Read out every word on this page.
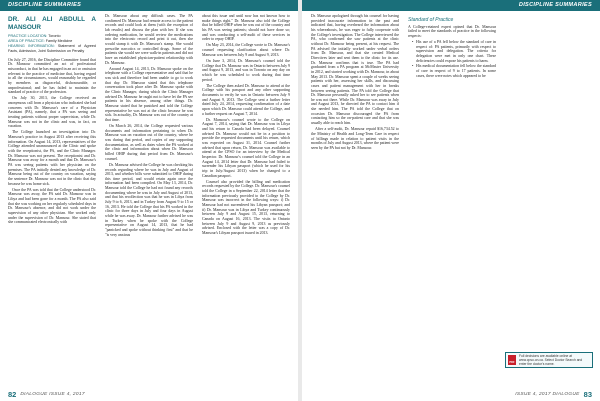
DISCIPLINE SUMMARIES	DISCIPLINE SUMMARIES
DR. ALI ALI ABDULL A MANSOUR
PRACTICE LOCATION: Toronto
AREA OF PRACTICE: Family Medicine
HEARING INFORMATION: Statement of Agreed Facts, Admission, Joint Submission on Penalty

On July 27, 2016, the Discipline Committee found that Dr. Mansour committed an act of professional misconduct, in that he has engaged in an act or omission relevant to the practice of medicine that, having regard to all the circumstances, would reasonably be regarded by members as disgraceful, dishonourable, or unprofessional; and he has failed to maintain the standard of practice of the profession.

On July 30, 2013, the College received an anonymous call from a physician who indicated she had concerns with Dr. Mansour's care of a Physician Assistant (PA), namely, that a PA was seeing and treating patients without proper supervision, while Dr. Mansour was not in the clinic and was, in fact, on vacation.

The College launched an investigation into Dr. Mansour's practice in August 2013 after receiving this information. On August 14, 2013, representatives of the College attended unannounced at the Clinic and spoke with the receptionist, the PA, and the Clinic Manager. Dr. Mansour was not present. The receptionist and Dr. Mansour was away for a month and that Dr. Mansour's PA was seeing patients with her physician on the premises. The PA initially denied any knowledge of Dr. Mansour being out of the country on vacation, saying the sentence Dr. Mansour was not in the clinic that day because he was home sick.

Once the PA was told that the College understood Dr. Mansour was away, the PA said Dr. Mansour was in Libya and had been gone for a month. The PA also said that she was working on her regularly scheduled days in Dr. Mansour's absence, and did not work under the supervision of any other physician. She worked only under the supervision of Dr. Mansour. She stated that she communicated electronically with

Dr. Mansour about any difficult cases. The PA confirmed Dr. Mansour had remote access to the patient records and could look at them (with the exception of lab results) and discuss the plan with her. If she was ordering medication, he would review the medications into the electronic record and print it out, then she would stamp it with Dr. Mansour's stamp. She would prescribe narcotics or controlled drugs. Some of the patients she would see were walk-in patients and did not have an established physician-patient relationship with Dr. Mansour.

Around August 14, 2013, Dr. Mansour spoke on the telephone with a College representative and said that he was sick and therefore had been unable to go to work that day. Dr. Mansour stated that this telephone conversation took place after Dr. Mansour spoke with the Clinic Manager, during which the Clinic Manager advised Dr. Mansour he ought not to have let the PA see patients in his absence, among other things. Dr. Mansour stated that he panicked and told the College representative he was not at the clinic because he was sick. In actuality, Dr. Mansour was out of the country at that time.

On March 26, 2014, the College requested various documents and information pertaining to when Dr. Mansour was on vacation out of the country, where he was during that period, and copies of any supporting documentation, as well as dates when the PA worked at the clinic and information about when Dr. Mansour billed OHIP during that period from Dr. Mansour's counsel.

Dr. Mansour advised the College he was checking his records regarding where he was in July and August of 2013, and whether bills were submitted to OHIP during this time period, and would retain again once the information had been compiled. On May 13, 2014, Dr. Mansour told the College he had not found any records documenting where he was in July and August of 2013, and that his recollection was that he was in Libya from July 9 to 6, 2013, and in Turkey from August 9 to 15 or 16, 2013. He told the College that his PA worked in the clinic for three days in July and four days in August while he was away. Dr. Mansour further advised he was in Turkey when he spoke with the College representative on August 14, 2013, that he had "panicked and spoke without thinking first" and that he "is very anxious

about this issue and until now has not known how to make things right." Dr. Mansour also told the College that he billed OHIP when he was out of the country and his PA was seeing patients; should not have done so; and was conducting a self-audit of these services in order to repay OHIP.

On May 23, 2014, the College wrote to Dr. Mansour's counsel requesting clarification about where Dr. Mansour was between July 9 and August 9, 2013.

On June 3, 2014, Dr. Mansour's counsel told the College that Dr. Mansour was in Ontario between July 9 and August 9, 2013, and was in Toronto on any day on which he was scheduled to work during that time period.

The College then asked Dr. Mansour to attend at the College with his passport and any other supporting documents to verify he was in Ontario between July 9 and August 9, 2013. The College sent a further letter dated July 24, 2014, requesting confirmation of a date upon which Dr. Mansour could attend the College, and a further request on August 7, 2014.

Dr. Mansour's counsel wrote to the College on August 7, 2014, saying that Dr. Mansour was in Libya and his return to Canada had been delayed. Counsel advised Dr. Mansour would not be in a position to provide the requested documents until his return, which was expected on August 31, 2014. Counsel further advised that upon return, Dr. Mansour was available to attend at the CPSO for an interview by the Medical Inspector. Dr. Mansour's counsel told the College in an August 14, 2014 letter that Dr. Mansour had failed to surrender his Libyan passport (which he used for his trip in July/August 2013) when he changed to a Canadian passport.

Counsel also provided the billing and medication records requested by the College. Dr. Mansour's counsel told the College in a September 22, 2014 letter that the information previously provided to the College by Dr. Mansour was incorrect in the following ways: i) Dr. Mansour had not surrendered his Libyan passport; and ii) Dr. Mansour was in Libya and Turkey continuously between July 9 and August 15, 2013, returning to Canada on August 16, 2013. The visits to Ontario between July 9 and August 9, 2013 as previously advised. Enclosed with the letter was a copy of Dr. Mansour's Libyan passport issued in 2013.

Dr. Mansour apologized through his counsel for having provided inaccurate information in the past and indicated that, having overheard the information about his whereabouts, he was eager to fully cooperate with the College's investigation. The College interviewed the PA, who confirmed she saw patients at the clinic without Dr. Mansour being present, at his request. The PA advised the initially worked under verbal orders from Dr. Mansour, and that she created Medical Directives later and sent them to the clinic for its use. Dr. Mansour confirms that is true. The PA had graduated from a PA program at McMaster University in 2012, and started working with Dr. Mansour, in about May 2013. Dr. Mansour spent a couple of weeks seeing patients with her, assessing her skills, and discussing cases and patient management with her in breaks between seeing patients. The PA told the College that Dr. Mansour personally asked her to see patients when he was not there. While Dr. Mansour was away in July and August 2013, he directed the PA to contact him if she needed him. The PA told the College that on occasion Dr. Mansour discouraged the PA from contacting him so the on-patient care and that she was usually able to reach him.

After a self-audit, Dr. Mansour repaid $16,734.52 to the Ministry of Health and Long-Term Care in respect of billings made in relation to patient visits in the months of July and August 2013, where the patient were seen by the PA but not by Dr. Mansour.

Standard of Practice

A College-retained expert opined that Dr. Mansour failed to meet the standards of practice in the following respects:

• His use of a PA fell below the standard of care in respect of: PA patients, primarily with respect to supervision and delegation. The criteria for delegation were met in only one chart. These deficiencies could expose his patients to harm.
• His medical documentation fell below the standard of care in respect of 9 to 17 patients. In some cases, there were notes which appeared to be
PDF
Full decisions are available online at www.cpso.on.ca. Select Doctor Search and enter the doctor's name.
82 DIALOGUE ISSUE 4, 2017	ISSUE 4, 2017 DIALOGUE 83
